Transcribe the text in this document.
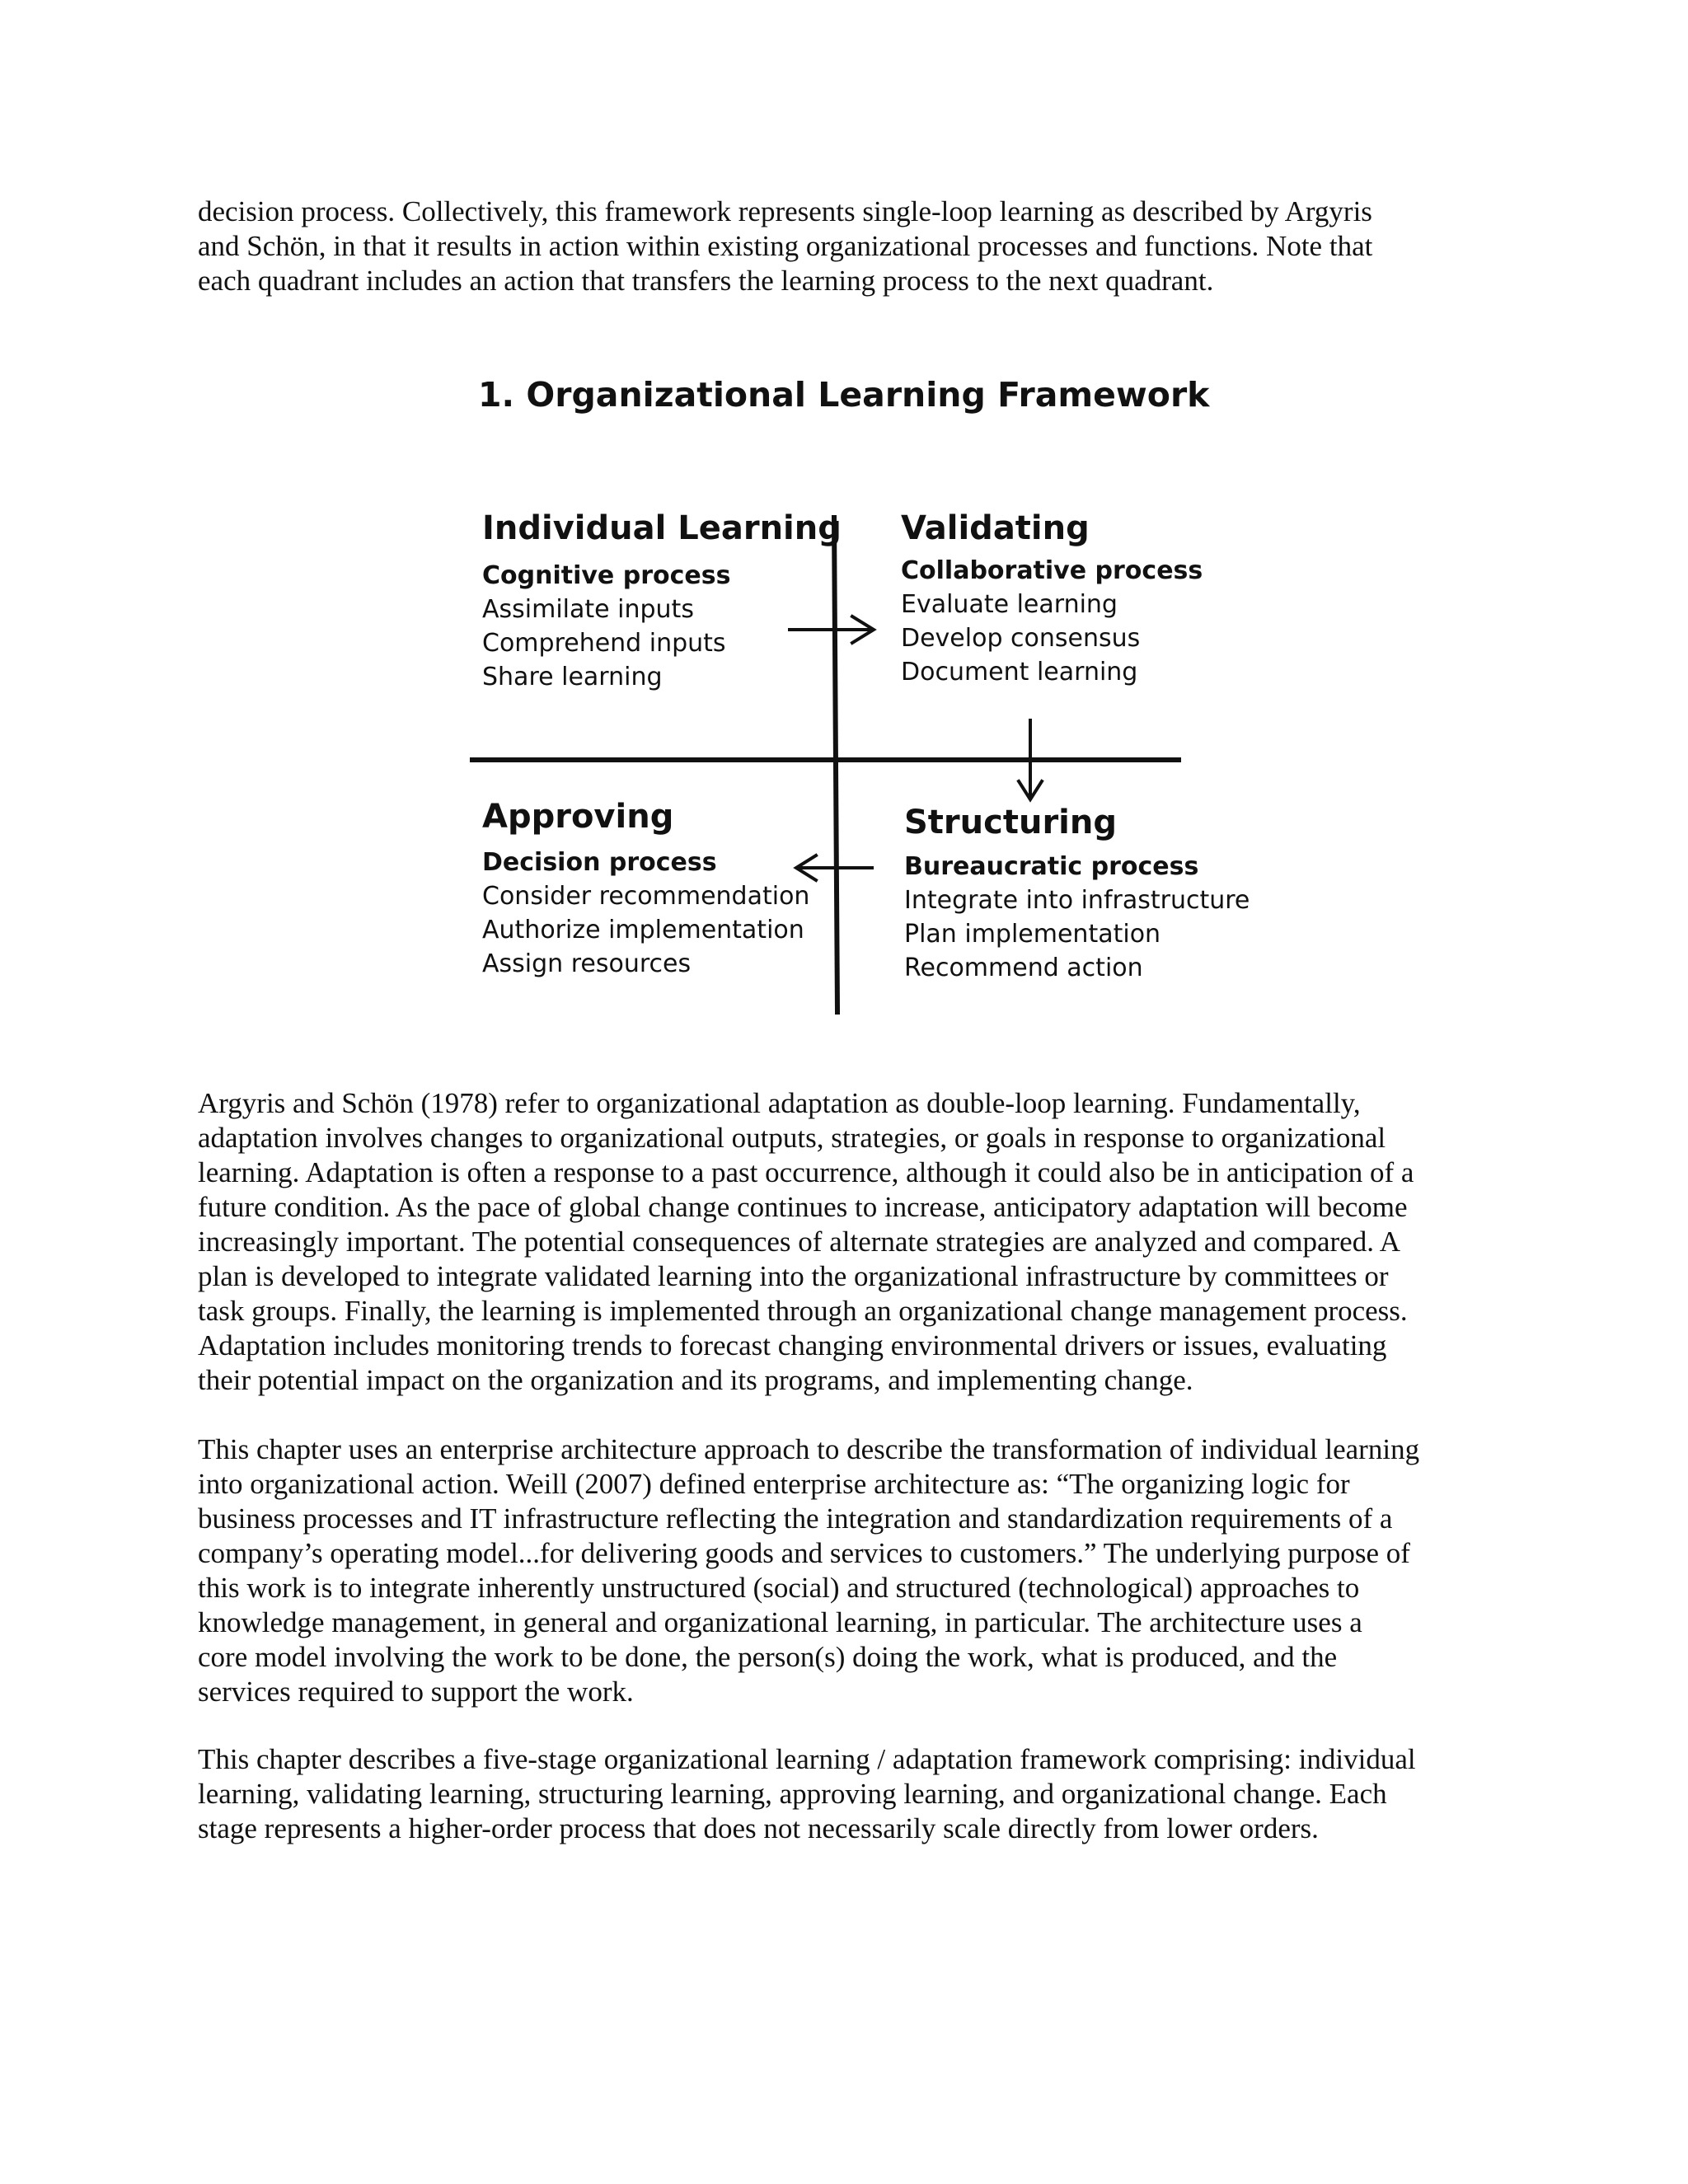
decision process. Collectively, this framework represents single-loop learning as described by Argyris
and Schön, in that it results in action within existing organizational processes and functions. Note that
each quadrant includes an action that transfers the learning process to the next quadrant.
1. Organizational Learning Framework
Individual Learning
Cognitive process
Assimilate inputs
Comprehend inputs
Share learning
Validating
Collaborative process
Evaluate learning
Develop consensus
Document learning
Approving
Decision process
Consider recommendation
Authorize implementation
Assign resources
Structuring
Bureaucratic process
Integrate into infrastructure
Plan implementation
Recommend action
Argyris and Schön (1978) refer to organizational adaptation as double-loop learning. Fundamentally,
adaptation involves changes to organizational outputs, strategies, or goals in response to organizational
learning. Adaptation is often a response to a past occurrence, although it could also be in anticipation of a
future condition. As the pace of global change continues to increase, anticipatory adaptation will become
increasingly important. The potential consequences of alternate strategies are analyzed and compared. A
plan is developed to integrate validated learning into the organizational infrastructure by committees or
task groups. Finally, the learning is implemented through an organizational change management process.
Adaptation includes monitoring trends to forecast changing environmental drivers or issues, evaluating
their potential impact on the organization and its programs, and implementing change.
This chapter uses an enterprise architecture approach to describe the transformation of individual learning
into organizational action. Weill (2007) defined enterprise architecture as: “The organizing logic for
business processes and IT infrastructure reflecting the integration and standardization requirements of a
company’s operating model...for delivering goods and services to customers.” The underlying purpose of
this work is to integrate inherently unstructured (social) and structured (technological) approaches to
knowledge management, in general and organizational learning, in particular. The architecture uses a
core model involving the work to be done, the person(s) doing the work, what is produced, and the
services required to support the work.
This chapter describes a five-stage organizational learning / adaptation framework comprising: individual
learning, validating learning, structuring learning, approving learning, and organizational change. Each
stage represents a higher-order process that does not necessarily scale directly from lower orders.
